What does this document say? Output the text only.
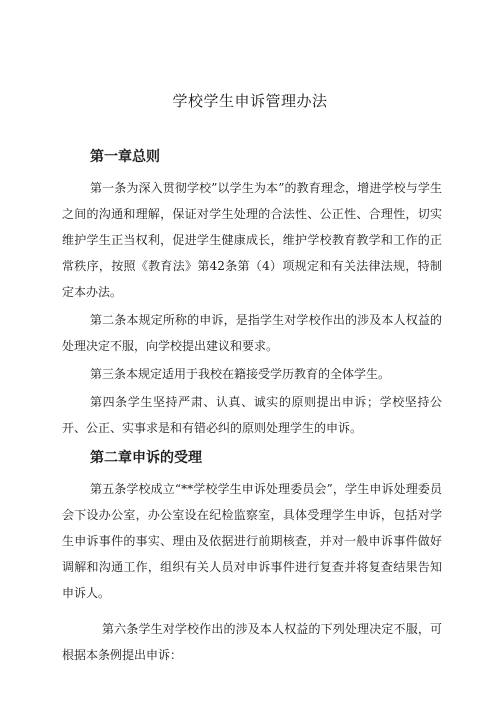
学校学生申诉管理办法
第一章总则

第一条为深入贯彻学校”以学生为本”的教育理念，增进学校与学生之间的沟通和理解，保证对学生处理的合法性、公正性、合理性，切实维护学生正当权利，促进学生健康成长，维护学校教育教学和工作的正常秩序，按照《教育法》第42条第（4）项规定和有关法律法规，特制定本办法。

第二条本规定所称的申诉，是指学生对学校作出的涉及本人权益的处理决定不服，向学校提出建议和要求。

第三条本规定适用于我校在籍接受学历教育的全体学生。

第四条学生坚持严肃、认真、诚实的原则提出申诉；学校坚持公开、公正、实事求是和有错必纠的原则处理学生的申诉。

第二章申诉的受理

第五条学校成立“**学校学生申诉处理委员会”，学生申诉处理委员会下设办公室，办公室设在纪检监察室，具体受理学生申诉，包括对学生申诉事件的事实、理由及依据进行前期核查，并对一般申诉事件做好调解和沟通工作，组织有关人员对申诉事件进行复查并将复查结果告知申诉人。

第六条学生对学校作出的涉及本人权益的下列处理决定不服，可根据本条例提出申诉：
